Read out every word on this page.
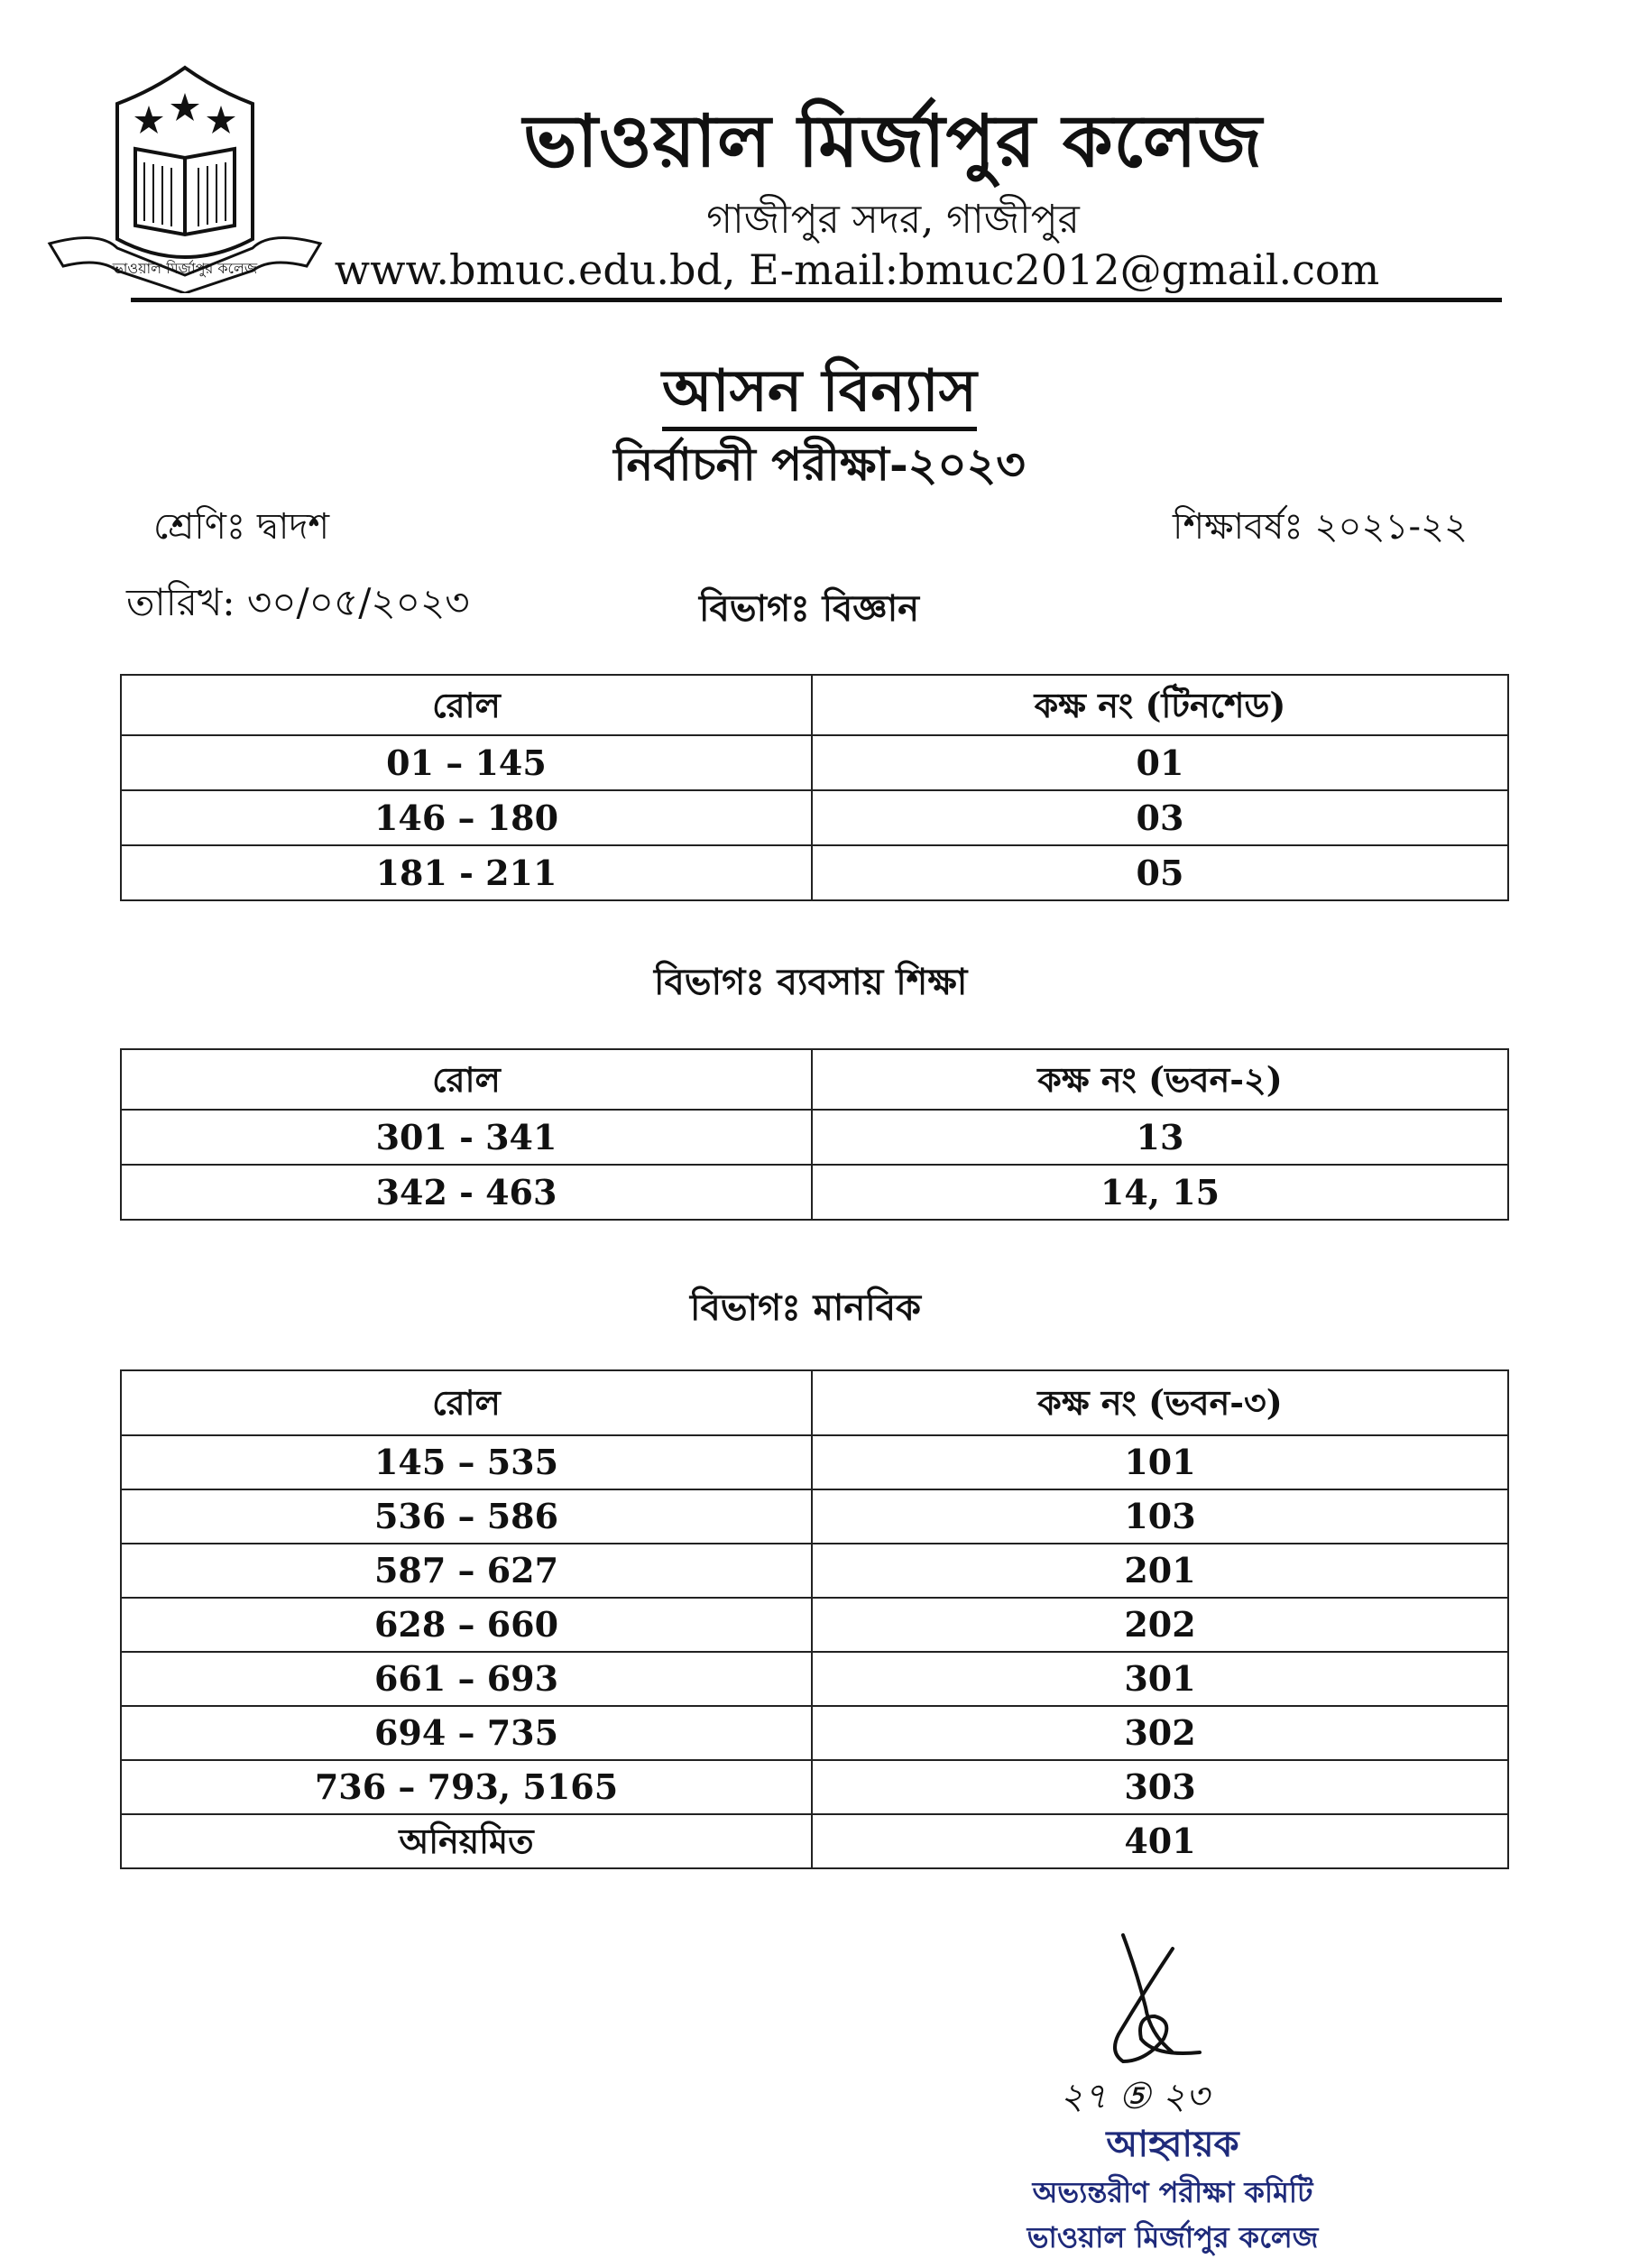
ভাওয়াল মির্জাপুর কলেজ
ভাওয়াল মির্জাপুর কলেজ
গাজীপুর সদর, গাজীপুর
www.bmuc.edu.bd, E-mail:bmuc2012@gmail.com
আসন বিন্যাস
নির্বাচনী পরীক্ষা-২০২৩
শ্রেণিঃ দ্বাদশ	শিক্ষাবর্ষঃ ২০২১-২২
তারিখ: ৩০/০৫/২০২৩	বিভাগঃ বিজ্ঞান
রোল	কক্ষ নং (টিনশেড)
01 – 145	01
146 – 180	03
181 - 211	05
বিভাগঃ ব্যবসায় শিক্ষা
রোল	কক্ষ নং (ভবন-২)
301 - 341	13
342 - 463	14, 15
বিভাগঃ মানবিক
রোল	কক্ষ নং (ভবন-৩)
145 – 535	101
536 – 586	103
587 – 627	201
628 – 660	202
661 – 693	301
694 – 735	302
736 – 793, 5165	303
অনিয়মিত	401
২৭ ⑤ ২৩
আহ্বায়ক
অভ্যন্তরীণ পরীক্ষা কমিটি
ভাওয়াল মির্জাপুর কলেজ
